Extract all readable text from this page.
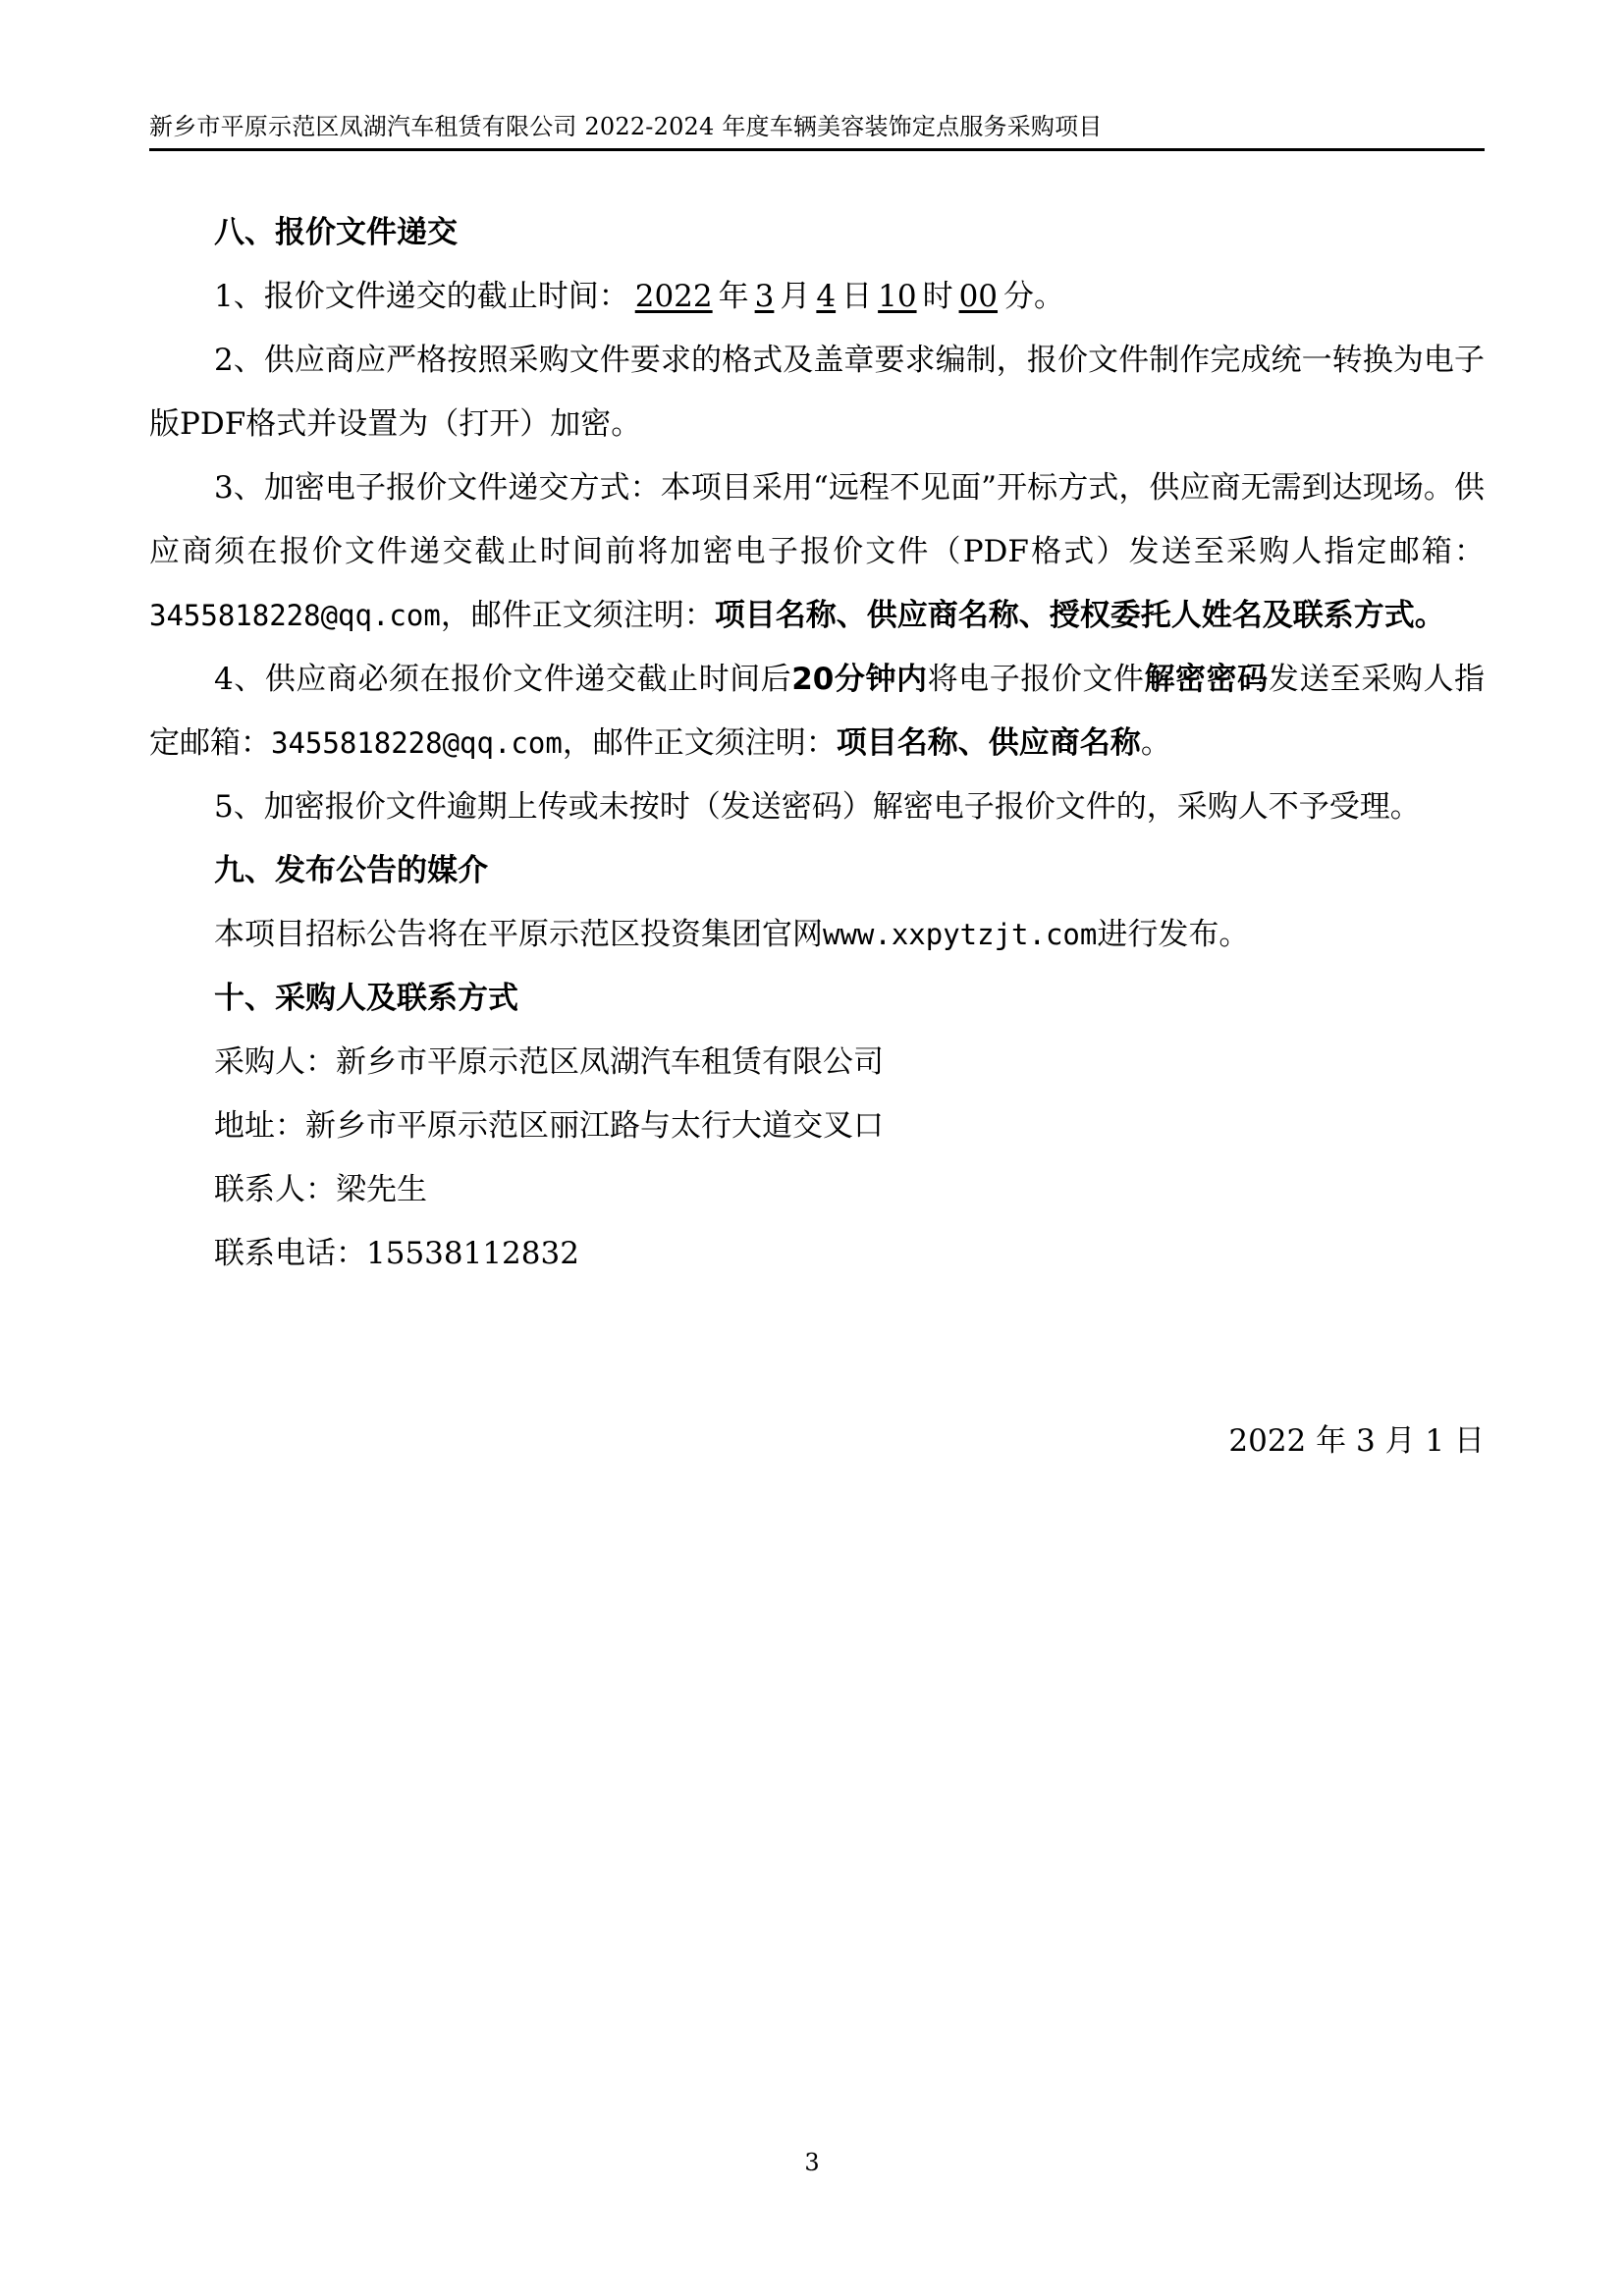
新乡市平原示范区凤湖汽车租赁有限公司 2022-2024 年度车辆美容装饰定点服务采购项目

八、报价文件递交

1、报价文件递交的截止时间： 2022 年 3 月 4 日 10 时 00 分。

2、供应商应严格按照采购文件要求的格式及盖章要求编制，报价文件制作完成统一转换为电子版PDF格式并设置为（打开）加密。

3、加密电子报价文件递交方式：本项目采用“远程不见面”开标方式，供应商无需到达现场。供应商须在报价文件递交截止时间前将加密电子报价文件（PDF格式）发送至采购人指定邮箱：3455818228@qq.com，邮件正文须注明：项目名称、供应商名称、授权委托人姓名及联系方式。

4、供应商必须在报价文件递交截止时间后20分钟内将电子报价文件解密密码发送至采购人指定邮箱：3455818228@qq.com，邮件正文须注明：项目名称、供应商名称。

5、加密报价文件逾期上传或未按时（发送密码）解密电子报价文件的，采购人不予受理。

九、发布公告的媒介

本项目招标公告将在平原示范区投资集团官网www.xxpytzjt.com进行发布。

十、采购人及联系方式

采购人：新乡市平原示范区凤湖汽车租赁有限公司

地址：新乡市平原示范区丽江路与太行大道交叉口

联系人：梁先生

联系电话：15538112832

2022 年 3 月 1 日
3
